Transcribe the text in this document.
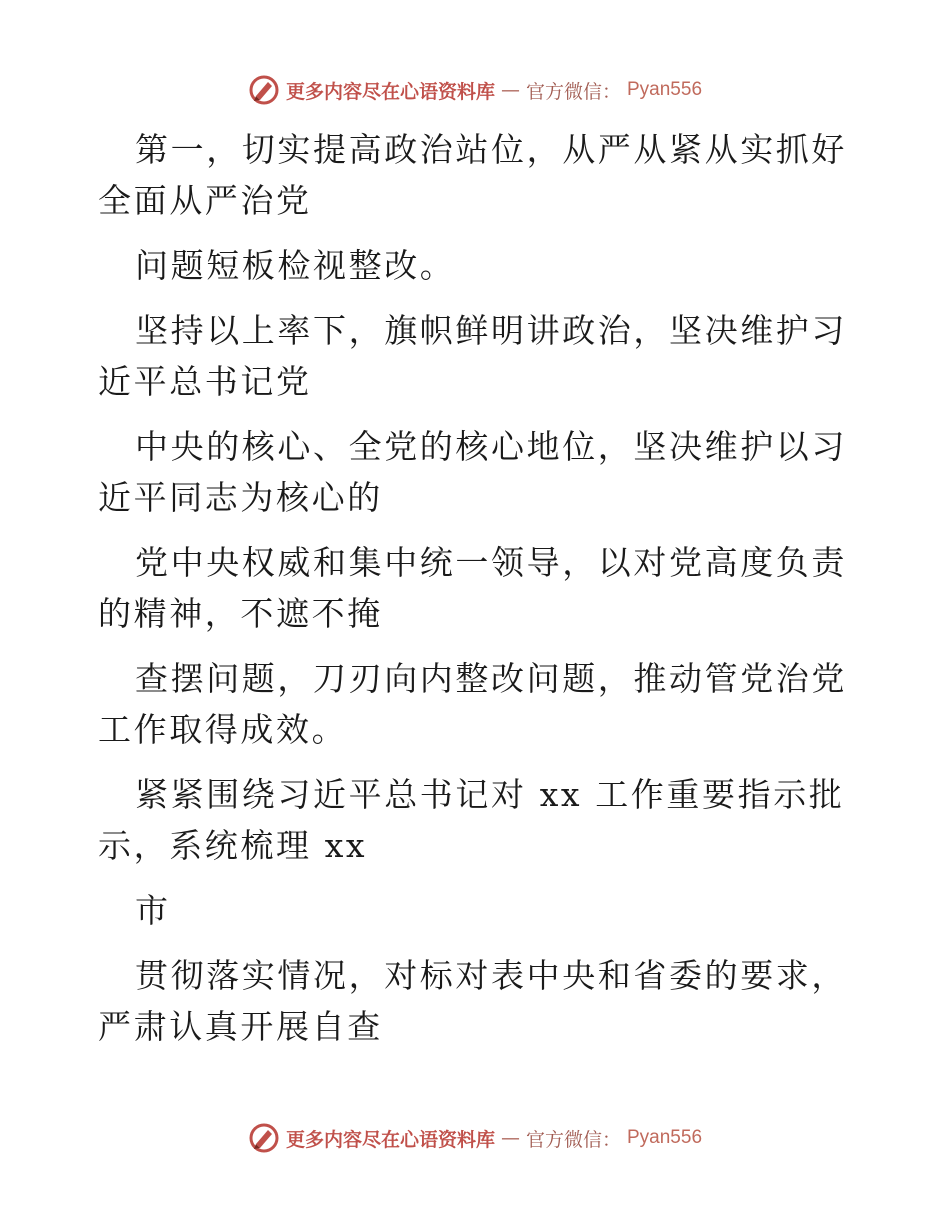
更多内容尽在心语资料库 — 官方微信： Pyan556

第一，切实提高政治站位，从严从紧从实抓好全面从严治党

问题短板检视整改。

坚持以上率下，旗帜鲜明讲政治，坚决维护习近平总书记党

中央的核心、全党的核心地位，坚决维护以习近平同志为核心的

党中央权威和集中统一领导，以对党高度负责的精神，不遮不掩

查摆问题，刀刃向内整改问题，推动管党治党工作取得成效。

紧紧围绕习近平总书记对 xx 工作重要指示批示，系统梳理 xx

市

贯彻落实情况，对标对表中央和省委的要求，严肃认真开展自查

更多内容尽在心语资料库 — 官方微信： Pyan556
